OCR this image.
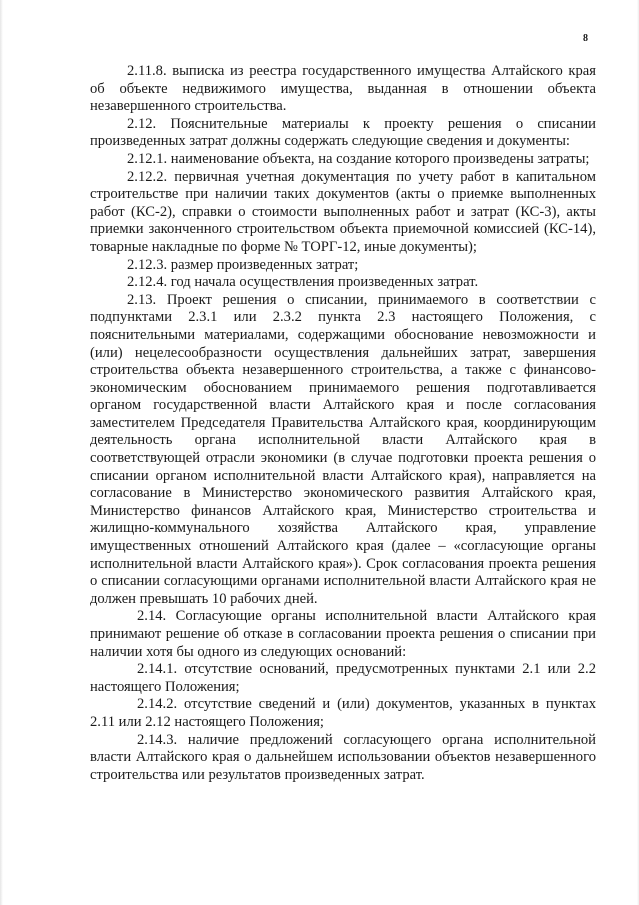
8

2.11.8. выписка из реестра государственного имущества Алтайского края об объекте недвижимого имущества, выданная в отношении объекта незавершенного строительства.

2.12. Пояснительные материалы к проекту решения о списании произведенных затрат должны содержать следующие сведения и документы:

2.12.1. наименование объекта, на создание которого произведены затраты;

2.12.2. первичная учетная документация по учету работ в капитальном строительстве при наличии таких документов (акты о приемке выполненных работ (КС-2), справки о стоимости выполненных работ и затрат (КС-3), акты приемки законченного строительством объекта приемочной комиссией (КС-14), товарные накладные по форме № ТОРГ-12, иные документы);

2.12.3. размер произведенных затрат;

2.12.4. год начала осуществления произведенных затрат.

2.13. Проект решения о списании, принимаемого в соответствии с подпунктами 2.3.1 или 2.3.2 пункта 2.3 настоящего Положения, с пояснительными материалами, содержащими обоснование невозможности и (или) нецелесообразности осуществления дальнейших затрат, завершения строительства объекта незавершенного строительства, а также с финансово-экономическим обоснованием принимаемого решения подготавливается органом государственной власти Алтайского края и после согласования заместителем Председателя Правительства Алтайского края, координирующим деятельность органа исполнительной власти Алтайского края в соответствующей отрасли экономики (в случае подготовки проекта решения о списании органом исполнительной власти Алтайского края), направляется на согласование в Министерство экономического развития Алтайского края, Министерство финансов Алтайского края, Министерство строительства и жилищно-коммунального хозяйства Алтайского края, управление имущественных отношений Алтайского края (далее – «согласующие органы исполнительной власти Алтайского края»). Срок согласования проекта решения о списании согласующими органами исполнительной власти Алтайского края не должен превышать 10 рабочих дней.

2.14. Согласующие органы исполнительной власти Алтайского края принимают решение об отказе в согласовании проекта решения о списании при наличии хотя бы одного из следующих оснований:

2.14.1. отсутствие оснований, предусмотренных пунктами 2.1 или 2.2 настоящего Положения;

2.14.2. отсутствие сведений и (или) документов, указанных в пунктах 2.11 или 2.12 настоящего Положения;

2.14.3. наличие предложений согласующего органа исполнительной власти Алтайского края о дальнейшем использовании объектов незавершенного строительства или результатов произведенных затрат.
